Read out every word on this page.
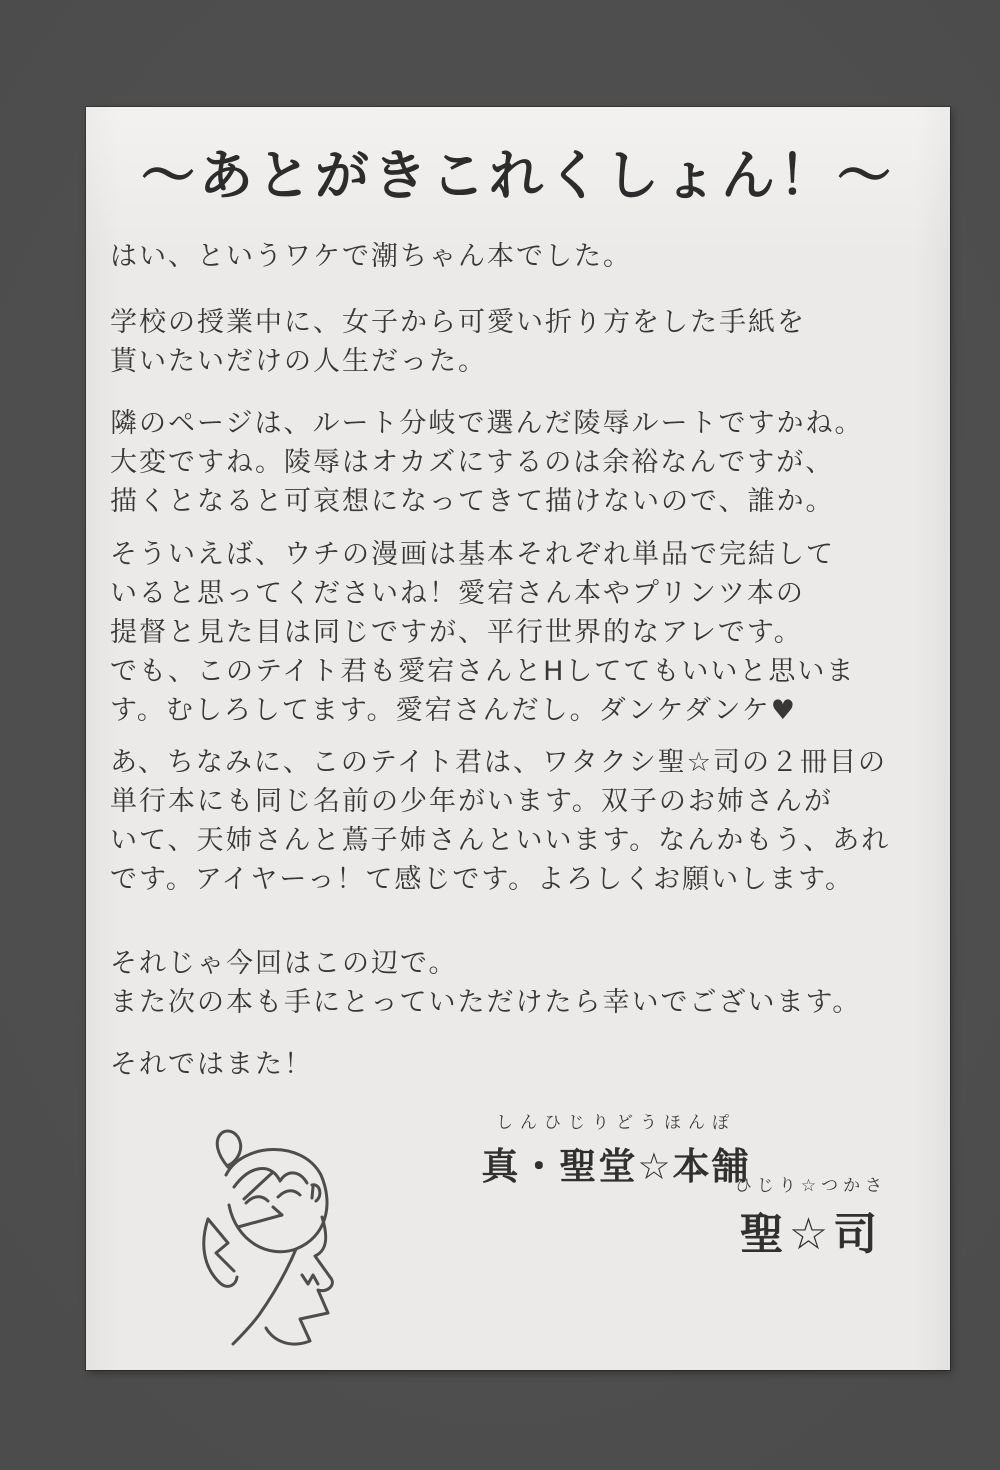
〜あとがきこれくしょん！〜
はい、というワケで潮ちゃん本でした。
学校の授業中に、女子から可愛い折り方をした手紙を
貰いたいだけの人生だった。
隣のページは、ルート分岐で選んだ陵辱ルートですかね。
大変ですね。陵辱はオカズにするのは余裕なんですが、
描くとなると可哀想になってきて描けないので、誰か。
そういえば、ウチの漫画は基本それぞれ単品で完結して
いると思ってくださいね！愛宕さん本やプリンツ本の
提督と見た目は同じですが、平行世界的なアレです。
でも、このテイト君も愛宕さんとHしててもいいと思いま
す。むしろしてます。愛宕さんだし。ダンケダンケ♥
あ、ちなみに、このテイト君は、ワタクシ聖☆司の２冊目の
単行本にも同じ名前の少年がいます。双子のお姉さんが
いて、天姉さんと蔦子姉さんといいます。なんかもう、あれ
です。アイヤーっ！て感じです。よろしくお願いします。
それじゃ今回はこの辺で。
また次の本も手にとっていただけたら幸いでございます。
それではまた！
しんひじりどうほんぽ
真・聖堂☆本舗
ひじり☆つかさ
聖☆司
